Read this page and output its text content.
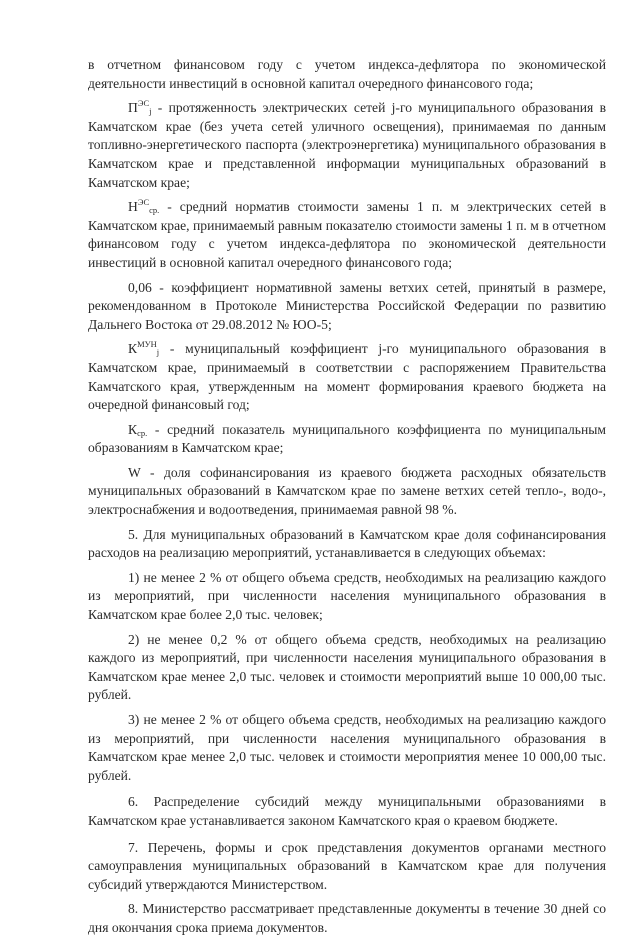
в отчетном финансовом году с учетом индекса-дефлятора по экономической деятельности инвестиций в основной капитал очередного финансового года;

$П^{ЭС}_j$ - протяженность электрических сетей j-го муниципального образования в Камчатском крае (без учета сетей уличного освещения), принимаемая по данным топливно-энергетического паспорта (электроэнергетика) муниципального образования в Камчатском крае и представленной информации муниципальных образований в Камчатском крае;

$Н^{ЭС}_{ср.}$ - средний норматив стоимости замены 1 п. м электрических сетей в Камчатском крае, принимаемый равным показателю стоимости замены 1 п. м в отчетном финансовом году с учетом индекса-дефлятора по экономической деятельности инвестиций в основной капитал очередного финансового года;

0,06 - коэффициент нормативной замены ветхих сетей, принятый в размере, рекомендованном в Протоколе Министерства Российской Федерации по развитию Дальнего Востока от 29.08.2012 № ЮО-5;

$К^{МУН}_j$ - муниципальный коэффициент j-го муниципального образования в Камчатском крае, принимаемый в соответствии с распоряжением Правительства Камчатского края, утвержденным на момент формирования краевого бюджета на очередной финансовый год;

$К_{ср.}$ - средний показатель муниципального коэффициента по муниципальным образованиям в Камчатском крае;

W - доля софинансирования из краевого бюджета расходных обязательств муниципальных образований в Камчатском крае по замене ветхих сетей тепло-, водо-, электроснабжения и водоотведения, принимаемая равной 98 %.

5. Для муниципальных образований в Камчатском крае доля софинансирования расходов на реализацию мероприятий, устанавливается в следующих объемах:

1) не менее 2 % от общего объема средств, необходимых на реализацию каждого из мероприятий, при численности населения муниципального образования в Камчатском крае более 2,0 тыс. человек;

2) не менее 0,2 % от общего объема средств, необходимых на реализацию каждого из мероприятий, при численности населения муниципального образования в Камчатском крае менее 2,0 тыс. человек и стоимости мероприятий выше 10 000,00 тыс. рублей.

3) не менее 2 % от общего объема средств, необходимых на реализацию каждого из мероприятий, при численности населения муниципального образования в Камчатском крае менее 2,0 тыс. человек и стоимости мероприятия менее 10 000,00 тыс. рублей.

6. Распределение субсидий между муниципальными образованиями в Камчатском крае устанавливается законом Камчатского края о краевом бюджете.

7. Перечень, формы и срок представления документов органами местного самоуправления муниципальных образований в Камчатском крае для получения субсидий утверждаются Министерством.

8. Министерство рассматривает представленные документы в течение 30 дней со дня окончания срока приема документов.
